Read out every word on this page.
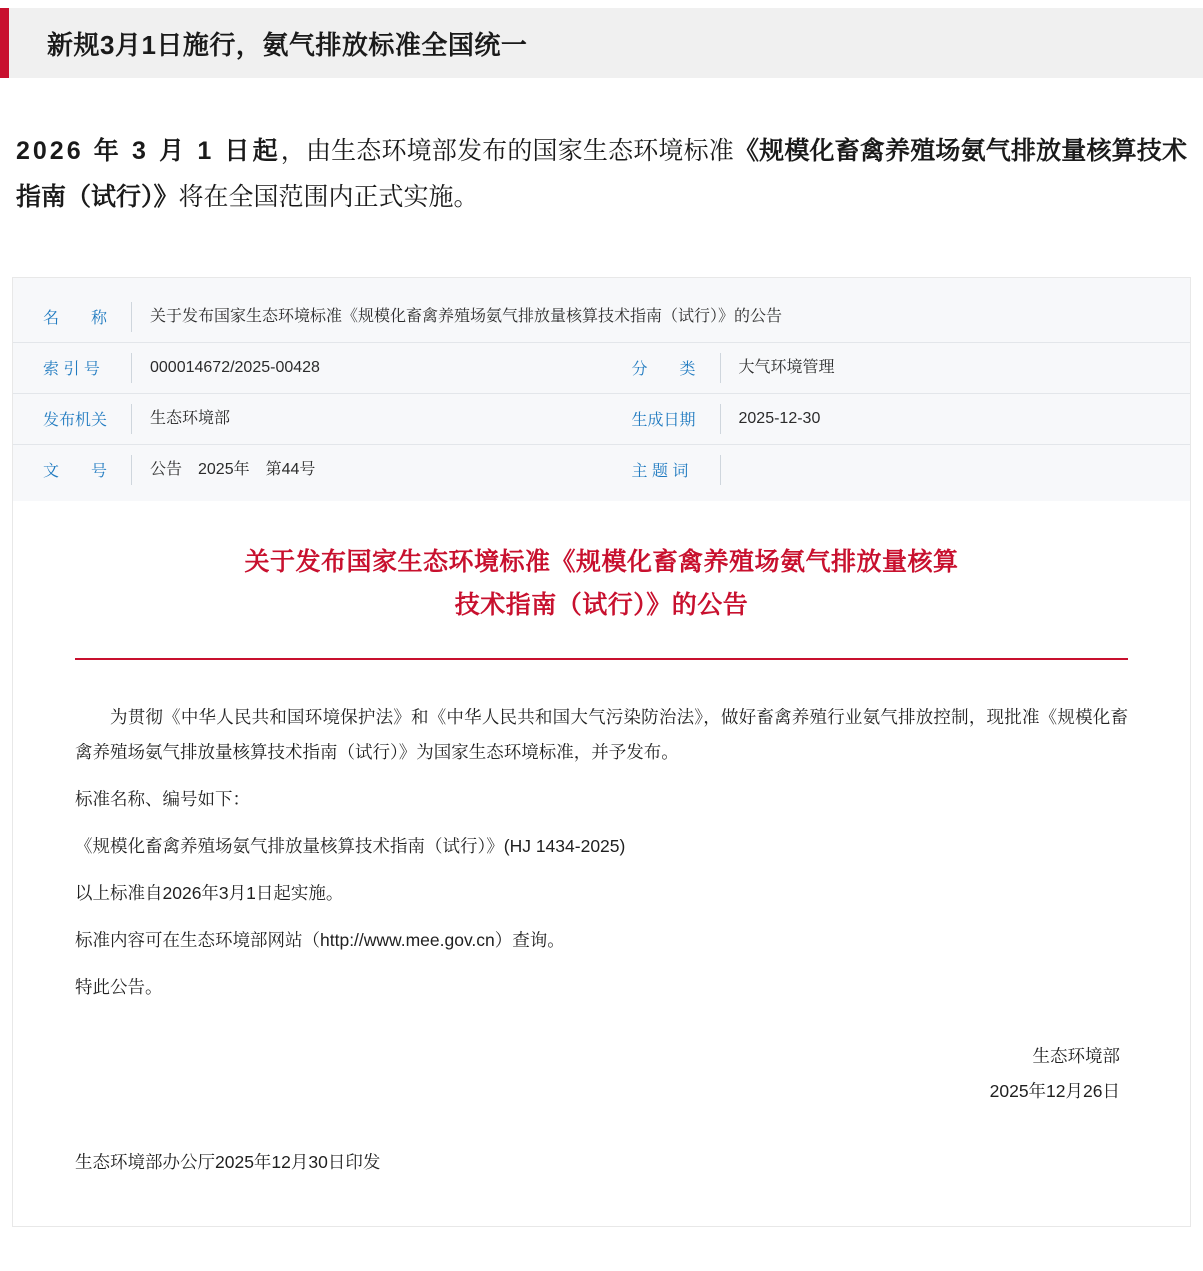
新规3月1日施行，氨气排放标准全国统一
2026 年 3 月 1 日起，由生态环境部发布的国家生态环境标准《规模化畜禽养殖场氨气排放量核算技术指南（试行）》将在全国范围内正式实施。
名　　称	关于发布国家生态环境标准《规模化畜禽养殖场氨气排放量核算技术指南（试行）》的公告
索 引 号	000014672/2025-00428	分　　类	大气环境管理
发布机关	生态环境部	生成日期	2025-12-30
文　　号	公告　2025年　第44号	主 题 词
关于发布国家生态环境标准《规模化畜禽养殖场氨气排放量核算
技术指南（试行）》的公告

为贯彻《中华人民共和国环境保护法》和《中华人民共和国大气污染防治法》，做好畜禽养殖行业氨气排放控制，现批准《规模化畜禽养殖场氨气排放量核算技术指南（试行）》为国家生态环境标准，并予发布。

标准名称、编号如下：

《规模化畜禽养殖场氨气排放量核算技术指南（试行）》(HJ 1434-2025)

以上标准自2026年3月1日起实施。

标准内容可在生态环境部网站（http://www.mee.gov.cn）查询。

特此公告。

生态环境部
2025年12月26日
生态环境部办公厅2025年12月30日印发
